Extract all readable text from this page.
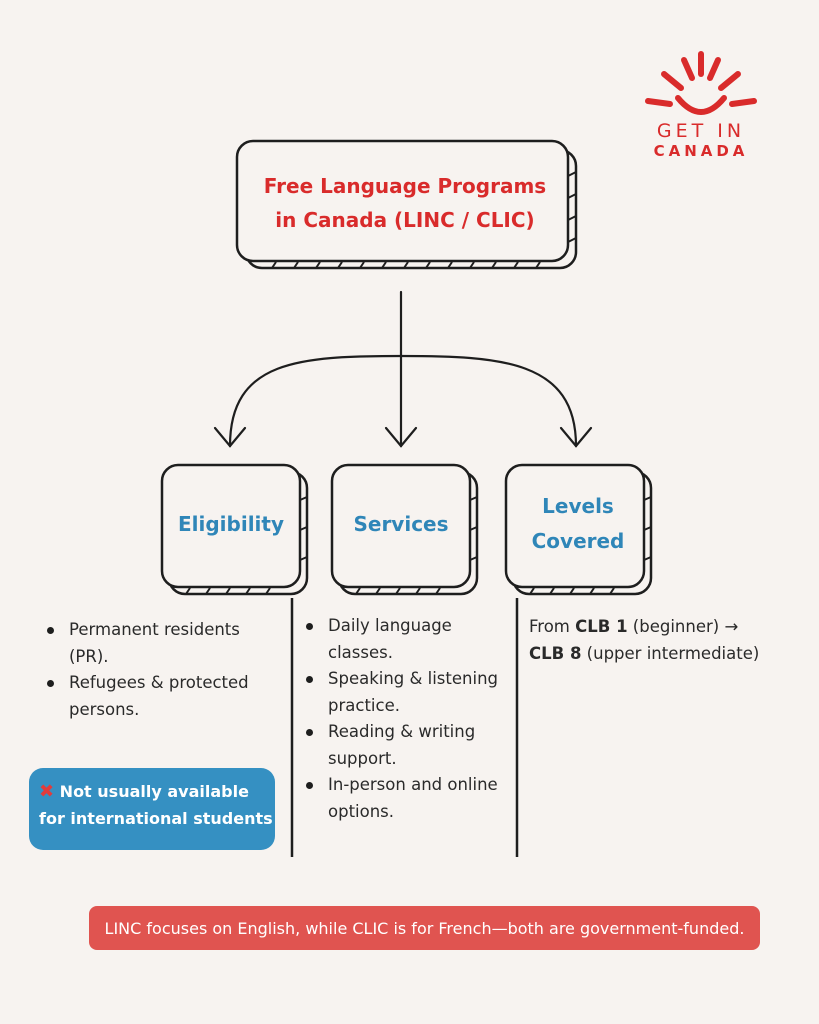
GET IN
CANADA
Free Language Programs
in Canada (LINC / CLIC)
Eligibility	Services
Levels
Covered
Permanent residents (PR).
Refugees & protected persons.
Daily language classes.
Speaking & listening practice.
Reading & writing support.
In-person and online options.
From CLB 1 (beginner) →
CLB 8 (upper intermediate)
✖ Not usually available
for international students
LINC focuses on English, while CLIC is for French—both are government-funded.
